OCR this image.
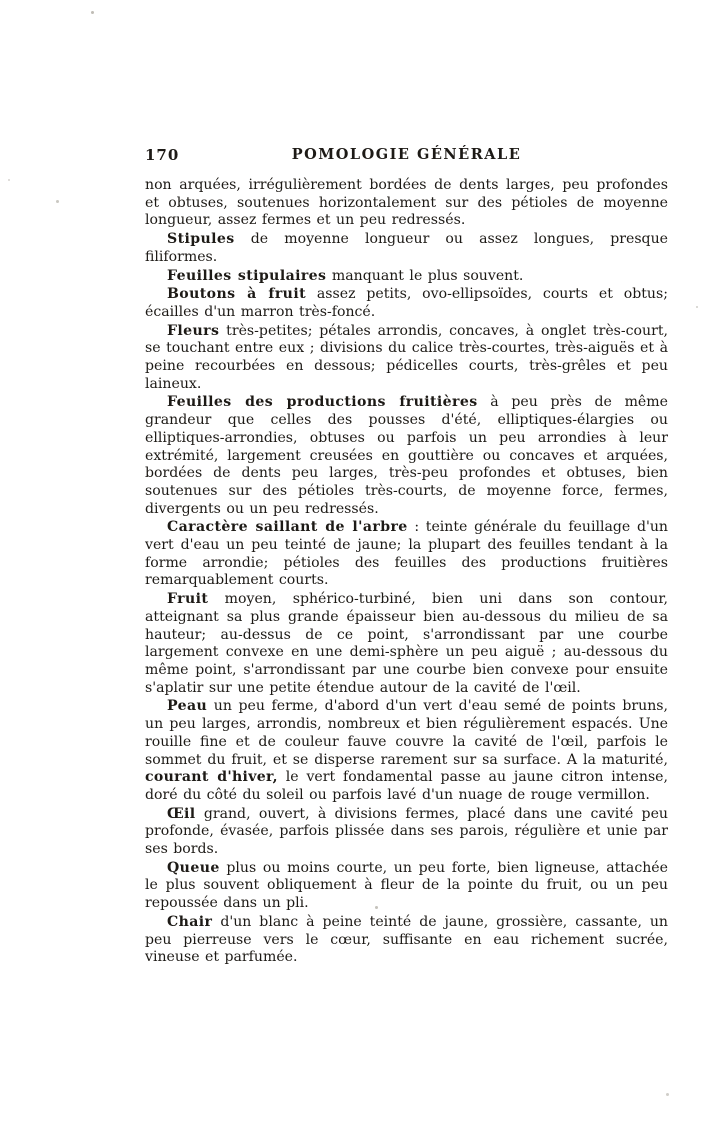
170	POMOLOGIE GÉNÉRALE

non arquées, irrégulièrement bordées de dents larges, peu profondes et obtuses, soutenues horizontalement sur des pétioles de moyenne longueur, assez fermes et un peu redressés.

Stipules de moyenne longueur ou assez longues, presque filiformes.

Feuilles stipulaires manquant le plus souvent.

Boutons à fruit assez petits, ovo-ellipsoïdes, courts et obtus; écailles d'un marron très-foncé.

Fleurs très-petites; pétales arrondis, concaves, à onglet très-court, se touchant entre eux ; divisions du calice très-courtes, très-aiguës et à peine recourbées en dessous; pédicelles courts, très-grêles et peu laineux.

Feuilles des productions fruitières à peu près de même grandeur que celles des pousses d'été, elliptiques-élargies ou elliptiques-arrondies, obtuses ou parfois un peu arrondies à leur extrémité, largement creusées en gouttière ou concaves et arquées, bordées de dents peu larges, très-peu profondes et obtuses, bien soutenues sur des pétioles très-courts, de moyenne force, fermes, divergents ou un peu redressés.

Caractère saillant de l'arbre : teinte générale du feuillage d'un vert d'eau un peu teinté de jaune; la plupart des feuilles tendant à la forme arrondie; pétioles des feuilles des productions fruitières remarquablement courts.

Fruit moyen, sphérico-turbiné, bien uni dans son contour, atteignant sa plus grande épaisseur bien au-dessous du milieu de sa hauteur; au-dessus de ce point, s'arrondissant par une courbe largement convexe en une demi-sphère un peu aiguë ; au-dessous du même point, s'arrondissant par une courbe bien convexe pour ensuite s'aplatir sur une petite étendue autour de la cavité de l'œil.

Peau un peu ferme, d'abord d'un vert d'eau semé de points bruns, un peu larges, arrondis, nombreux et bien régulièrement espacés. Une rouille fine et de couleur fauve couvre la cavité de l'œil, parfois le sommet du fruit, et se disperse rarement sur sa surface. A la maturité, courant d'hiver, le vert fondamental passe au jaune citron intense, doré du côté du soleil ou parfois lavé d'un nuage de rouge vermillon.

Œil grand, ouvert, à divisions fermes, placé dans une cavité peu profonde, évasée, parfois plissée dans ses parois, régulière et unie par ses bords.

Queue plus ou moins courte, un peu forte, bien ligneuse, attachée le plus souvent obliquement à fleur de la pointe du fruit, ou un peu repoussée dans un pli.

Chair d'un blanc à peine teinté de jaune, grossière, cassante, un peu pierreuse vers le cœur, suffisante en eau richement sucrée, vineuse et parfumée.
